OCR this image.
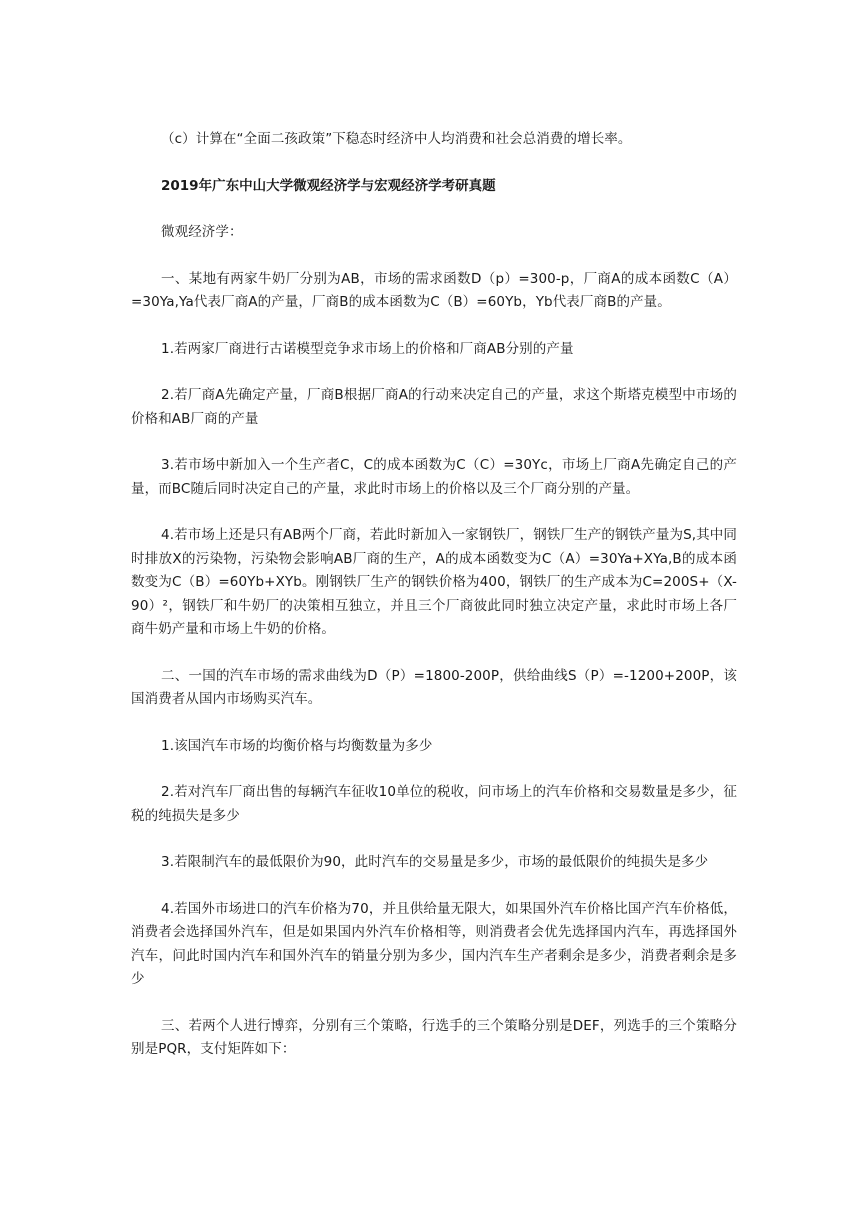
（c）计算在“全面二孩政策”下稳态时经济中人均消费和社会总消费的增长率。

2019年广东中山大学微观经济学与宏观经济学考研真题

微观经济学：

一、某地有两家牛奶厂分别为AB，市场的需求函数D（p）=300-p，厂商A的成本函数C（A）=30Ya,Ya代表厂商A的产量，厂商B的成本函数为C（B）=60Yb，Yb代表厂商B的产量。

1.若两家厂商进行古诺模型竞争求市场上的价格和厂商AB分别的产量

2.若厂商A先确定产量，厂商B根据厂商A的行动来决定自己的产量，求这个斯塔克模型中市场的价格和AB厂商的产量

3.若市场中新加入一个生产者C，C的成本函数为C（C）=30Yc，市场上厂商A先确定自己的产量，而BC随后同时决定自己的产量，求此时市场上的价格以及三个厂商分别的产量。

4.若市场上还是只有AB两个厂商，若此时新加入一家钢铁厂，钢铁厂生产的钢铁产量为S,其中同时排放X的污染物，污染物会影响AB厂商的生产，A的成本函数变为C（A）=30Ya+XYa,B的成本函数变为C（B）=60Yb+XYb。刚钢铁厂生产的钢铁价格为400，钢铁厂的生产成本为C=200S+（X-90）²，钢铁厂和牛奶厂的决策相互独立，并且三个厂商彼此同时独立决定产量，求此时市场上各厂商牛奶产量和市场上牛奶的价格。

二、一国的汽车市场的需求曲线为D（P）=1800-200P，供给曲线S（P）=-1200+200P，该国消费者从国内市场购买汽车。

1.该国汽车市场的均衡价格与均衡数量为多少

2.若对汽车厂商出售的每辆汽车征收10单位的税收，问市场上的汽车价格和交易数量是多少，征税的纯损失是多少

3.若限制汽车的最低限价为90，此时汽车的交易量是多少，市场的最低限价的纯损失是多少

4.若国外市场进口的汽车价格为70，并且供给量无限大，如果国外汽车价格比国产汽车价格低，消费者会选择国外汽车，但是如果国内外汽车价格相等，则消费者会优先选择国内汽车，再选择国外汽车，问此时国内汽车和国外汽车的销量分别为多少，国内汽车生产者剩余是多少，消费者剩余是多少

三、若两个人进行博弈，分别有三个策略，行选手的三个策略分别是DEF，列选手的三个策略分别是PQR，支付矩阵如下：
